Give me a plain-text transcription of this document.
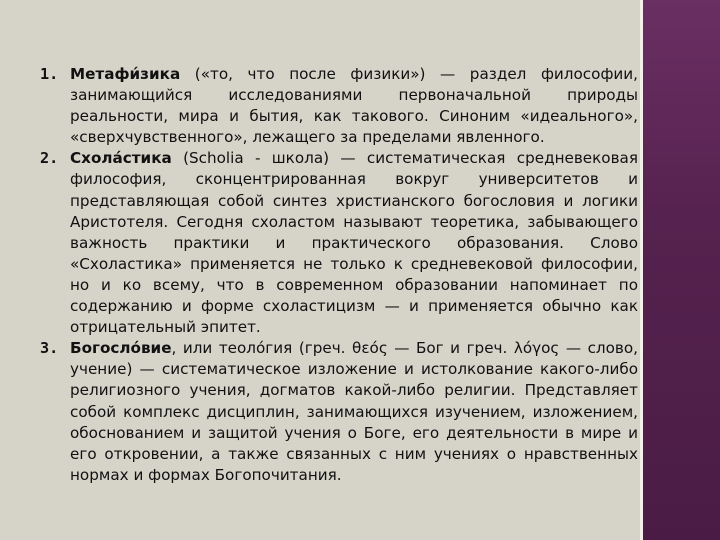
1. Метафи́зика («то, что после физики») — раздел философии, занимающийся исследованиями первоначальной природы реальности, мира и бытия, как такового. Синоним «идеального», «сверхчувственного», лежащего за пределами явленного.
2. Схола́стика (Scholia - школа) — систематическая средневековая философия, сконцентрированная вокруг университетов и представляющая собой синтез христианского богословия и логики Аристотеля. Сегодня схоластом называют теоретика, забывающего важность практики и практического образования. Слово «Схоластика» применяется не только к средневековой философии, но и ко всему, что в современном образовании напоминает по содержанию и форме схоластицизм — и применяется обычно как отрицательный эпитет.
3. Богосло́вие, или теоло́гия (греч. θεός — Бог и греч. λόγος — слово, учение) — систематическое изложение и истолкование какого-либо религиозного учения, догматов какой-либо религии. Представляет собой комплекс дисциплин, занимающихся изучением, изложением, обоснованием и защитой учения о Боге, его деятельности в мире и его откровении, а также связанных с ним учениях о нравственных нормах и формах Богопочитания.
